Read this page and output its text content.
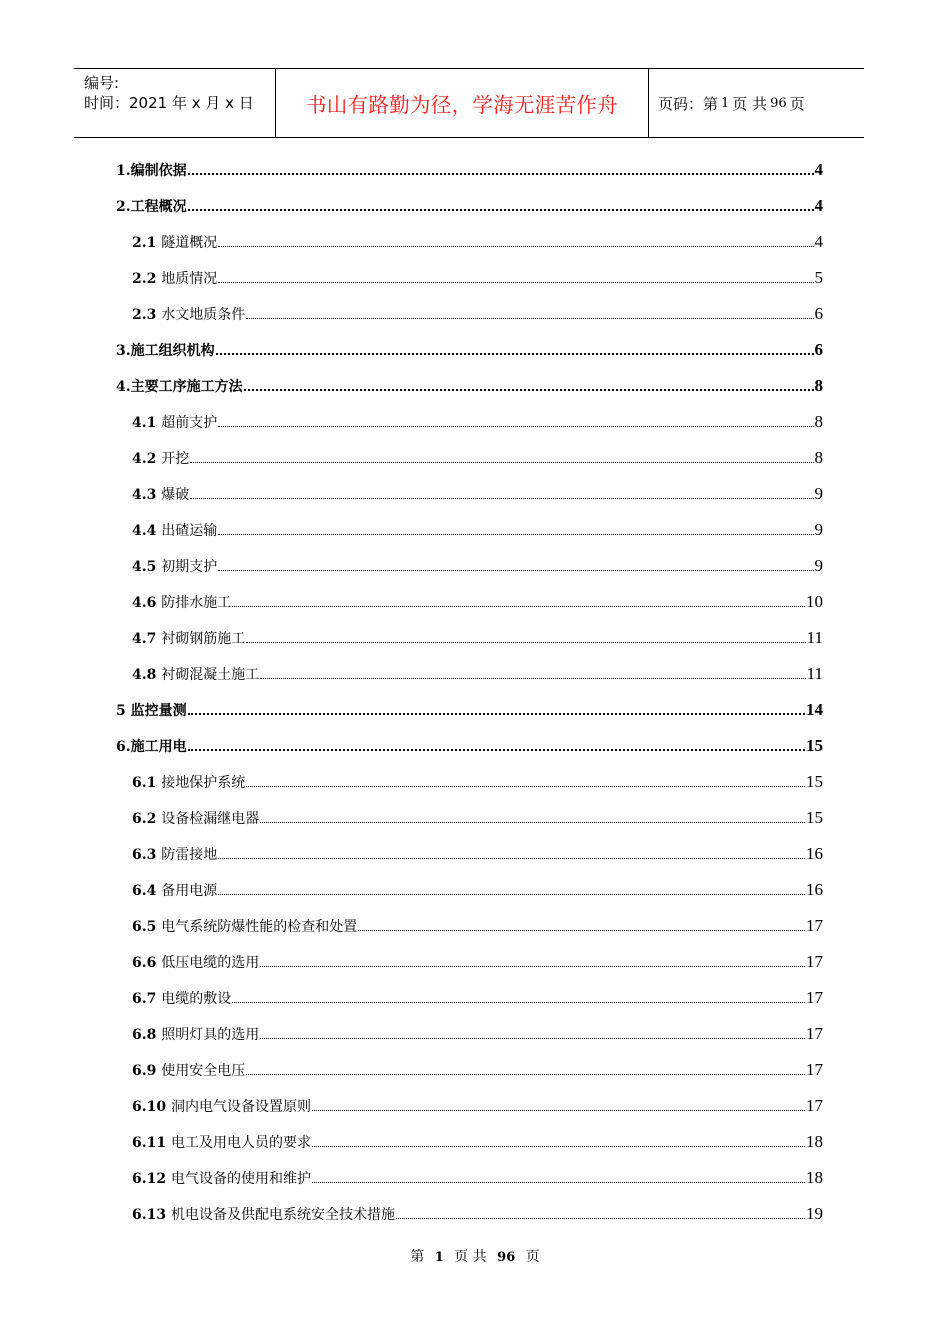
编号:
时间：2021 年 x 月 x 日	书山有路勤为径，学海无涯苦作舟	页码：第 1 页 共 96 页
1.编制依据	4
2.工程概况	4
2.1 隧道概况	4
2.2 地质情况	5
2.3 水文地质条件	6
3.施工组织机构	6
4.主要工序施工方法	8
4.1 超前支护	8
4.2 开挖	8
4.3 爆破	9
4.4 出碴运输	9
4.5 初期支护	9
4.6 防排水施工	10
4.7 衬砌钢筋施工	11
4.8 衬砌混凝土施工	11
5 监控量测	14
6.施工用电	15
6.1 接地保护系统	15
6.2 设备检漏继电器	15
6.3 防雷接地	16
6.4 备用电源	16
6.5 电气系统防爆性能的检查和处置	17
6.6 低压电缆的选用	17
6.7 电缆的敷设	17
6.8 照明灯具的选用	17
6.9 使用安全电压	17
6.10 洞内电气设备设置原则	17
6.11 电工及用电人员的要求	18
6.12 电气设备的使用和维护	18
6.13 机电设备及供配电系统安全技术措施	19
第 1 页 共 96 页
